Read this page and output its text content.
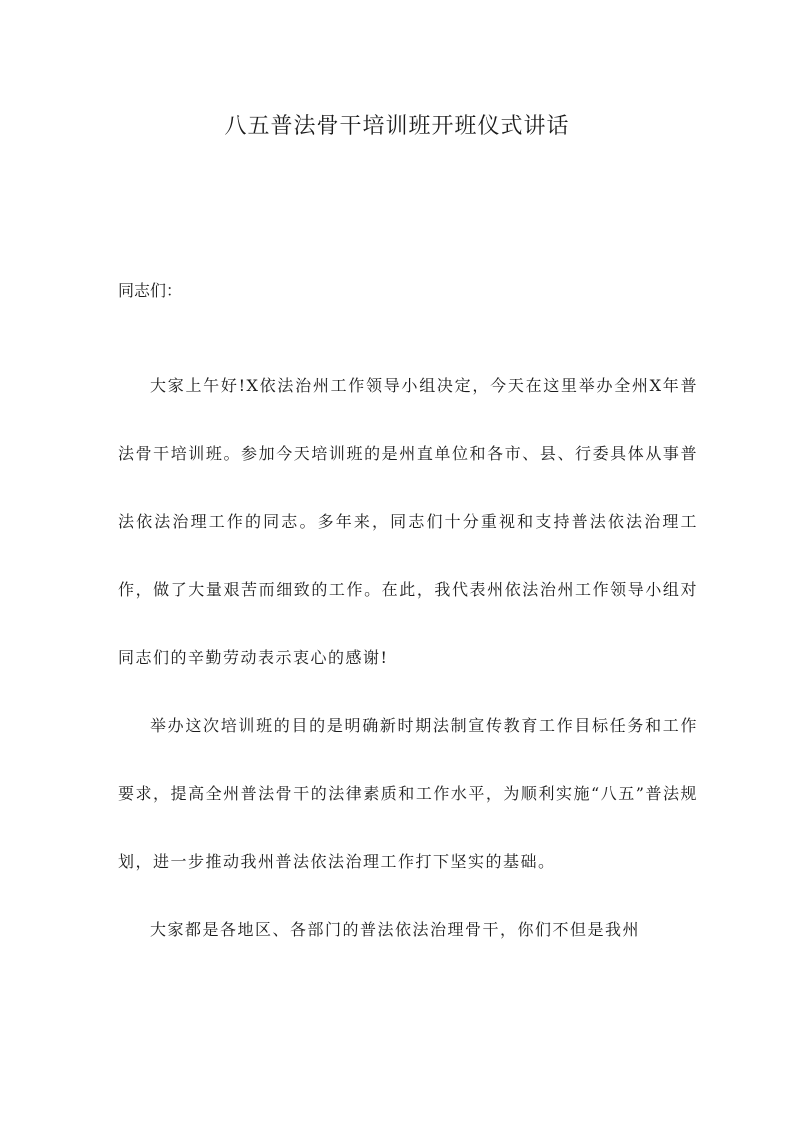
八五普法骨干培训班开班仪式讲话

同志们：

大家上午好!X依法治州工作领导小组决定，今天在这里举办全州X年普法骨干培训班。参加今天培训班的是州直单位和各市、县、行委具体从事普法依法治理工作的同志。多年来，同志们十分重视和支持普法依法治理工作，做了大量艰苦而细致的工作。在此，我代表州依法治州工作领导小组对同志们的辛勤劳动表示衷心的感谢!

举办这次培训班的目的是明确新时期法制宣传教育工作目标任务和工作要求，提高全州普法骨干的法律素质和工作水平，为顺利实施“八五”普法规划，进一步推动我州普法依法治理工作打下坚实的基础。

大家都是各地区、各部门的普法依法治理骨干，你们不但是我州
